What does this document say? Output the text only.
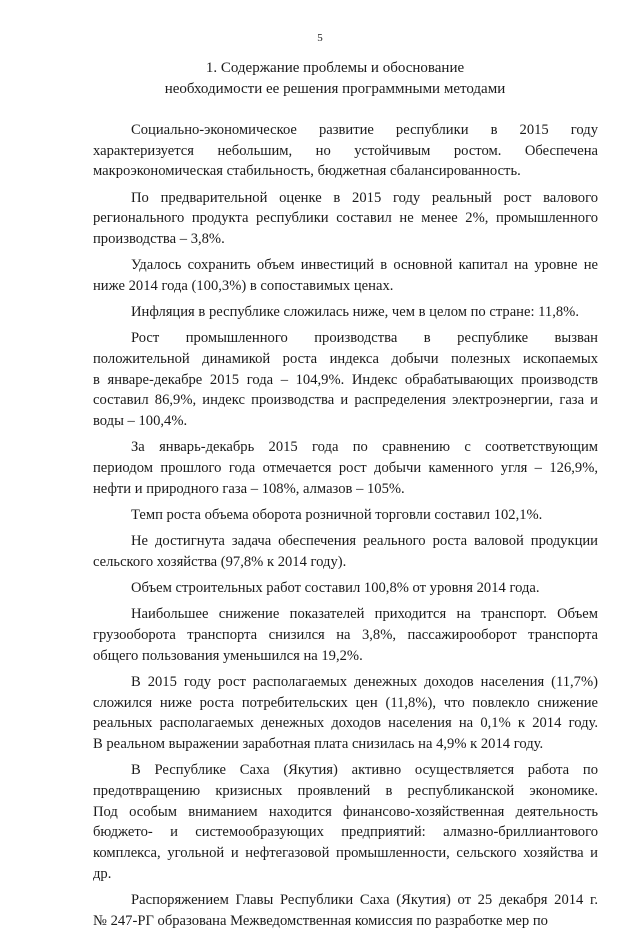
5
1. Содержание проблемы и обоснование
необходимости ее решения программными методами
Социально-экономическое развитие республики в 2015 году
характеризуется небольшим, но устойчивым ростом. Обеспечена
макроэкономическая стабильность, бюджетная сбалансированность.
По предварительной оценке в 2015 году реальный рост валового
регионального продукта республики составил не менее 2%, промышленного
производства – 3,8%.
Удалось сохранить объем инвестиций в основной капитал на уровне не
ниже 2014 года (100,3%) в сопоставимых ценах.
Инфляция в республике сложилась ниже, чем в целом по стране: 11,8%.
Рост промышленного производства в республике вызван
положительной динамикой роста индекса добычи полезных ископаемых
в январе-декабре 2015 года – 104,9%. Индекс обрабатывающих производств
составил 86,9%, индекс производства и распределения электроэнергии, газа и
воды – 100,4%.
За январь-декабрь 2015 года по сравнению с соответствующим
периодом прошлого года отмечается рост добычи каменного угля – 126,9%,
нефти и природного газа – 108%, алмазов – 105%.
Темп роста объема оборота розничной торговли составил 102,1%.
Не достигнута задача обеспечения реального роста валовой продукции
сельского хозяйства (97,8% к 2014 году).
Объем строительных работ составил 100,8% от уровня 2014 года.
Наибольшее снижение показателей приходится на транспорт. Объем
грузооборота транспорта снизился на 3,8%, пассажирооборот транспорта
общего пользования уменьшился на 19,2%.
В 2015 году рост располагаемых денежных доходов населения (11,7%)
сложился ниже роста потребительских цен (11,8%), что повлекло снижение
реальных располагаемых денежных доходов населения на 0,1% к 2014 году.
В реальном выражении заработная плата снизилась на 4,9% к 2014 году.
В Республике Саха (Якутия) активно осуществляется работа по
предотвращению кризисных проявлений в республиканской экономике.
Под особым вниманием находится финансово-хозяйственная деятельность
бюджето- и системообразующих предприятий: алмазно-бриллиантового
комплекса, угольной и нефтегазовой промышленности, сельского хозяйства и
др.
Распоряжением Главы Республики Саха (Якутия) от 25 декабря 2014 г.
№ 247-РГ образована Межведомственная комиссия по разработке мер по
